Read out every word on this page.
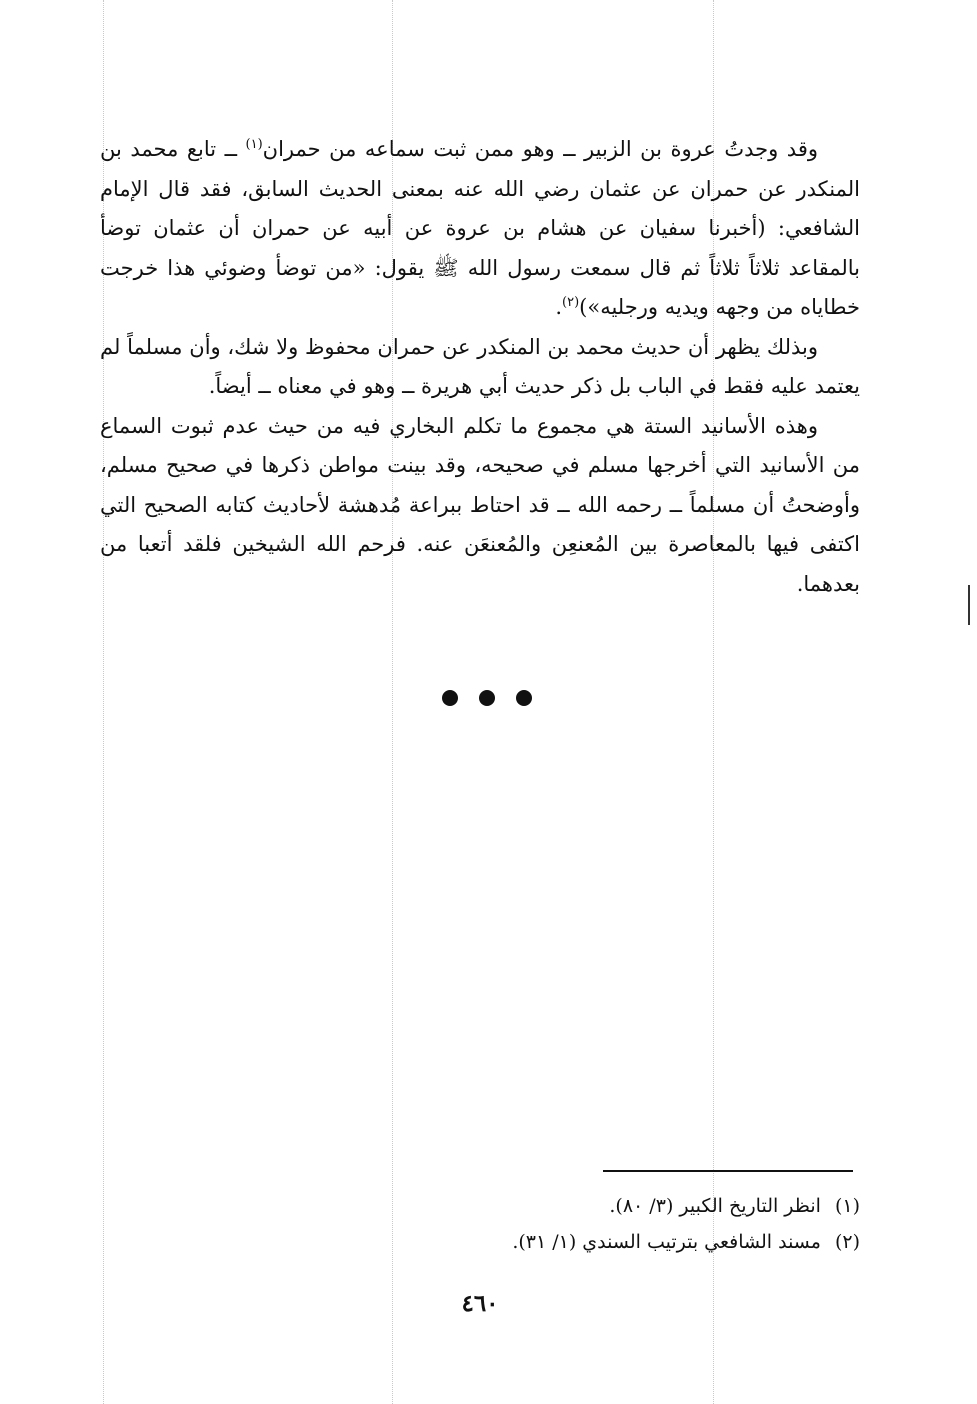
وقد وجدتُ عروة بن الزبير ــ وهو ممن ثبت سماعه من حمران$^{(١)}$ ــ تابع محمد بن المنكدر عن حمران عن عثمان رضي الله عنه بمعنى الحديث السابق، فقد قال الإمام الشافعي: (أخبرنا سفيان عن هشام بن عروة عن أبيه عن حمران أن عثمان توضأ بالمقاعد ثلاثاً ثلاثاً ثم قال سمعت رسول الله ﷺ يقول: «من توضأ وضوئي هذا خرجت خطاياه من وجهه ويديه ورجليه»)$^{(٢)}$.

وبذلك يظهر أن حديث محمد بن المنكدر عن حمران محفوظ ولا شك، وأن مسلماً لم يعتمد عليه فقط في الباب بل ذكر حديث أبي هريرة ــ وهو في معناه ــ أيضاً.

وهذه الأسانيد الستة هي مجموع ما تكلم البخاري فيه من حيث عدم ثبوت السماع من الأسانيد التي أخرجها مسلم في صحيحه، وقد بينت مواطن ذكرها في صحيح مسلم، وأوضحتُ أن مسلماً ــ رحمه الله ــ قد احتاط ببراعة مُدهشة لأحاديث كتابه الصحيح التي اكتفى فيها بالمعاصرة بين المُعنعِن والمُعنعَن عنه. فرحم الله الشيخين فلقد أتعبا من بعدهما.

(١)
انظر التاريخ الكبير (٣/ ٨٠).
(٢)
مسند الشافعي بترتيب السندي (١/ ٣١).
٤٦٠
